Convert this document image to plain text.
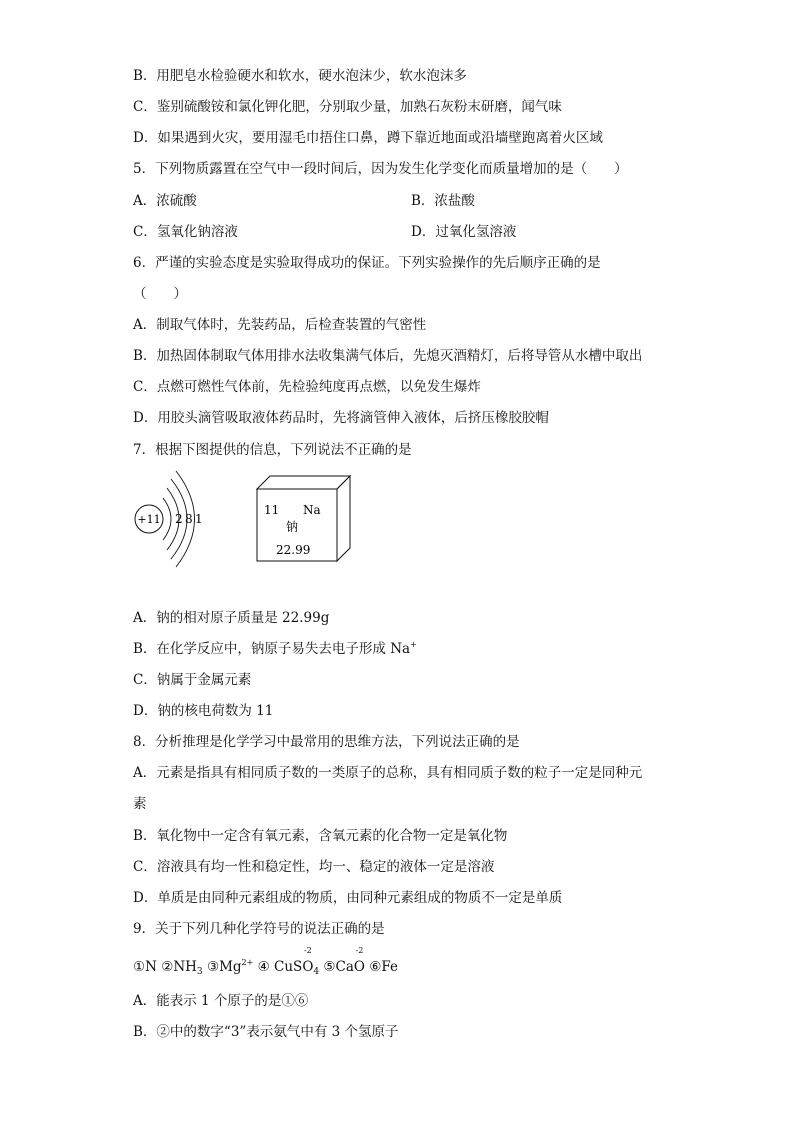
B．用肥皂水检验硬水和软水，硬水泡沫少，软水泡沫多
C．鉴别硫酸铵和氯化钾化肥，分别取少量，加熟石灰粉末研磨，闻气味
D．如果遇到火灾，要用湿毛巾捂住口鼻，蹲下靠近地面或沿墙壁跑离着火区域
5．下列物质露置在空气中一段时间后，因为发生化学变化而质量增加的是（　　）
A．浓硫酸	B．浓盐酸
C．氢氧化钠溶液	D．过氧化氢溶液
6．严谨的实验态度是实验取得成功的保证。下列实验操作的先后顺序正确的是
（　　）
A．制取气体时，先装药品，后检查装置的气密性
B．加热固体制取气体用排水法收集满气体后，先熄灭酒精灯，后将导管从水槽中取出
C．点燃可燃性气体前，先检验纯度再点燃，以免发生爆炸
D．用胶头滴管吸取液体药品时，先将滴管伸入液体，后挤压橡胶胶帽
7．根据下图提供的信息，下列说法不正确的是
+11 2 8 1
11 Na
钠
22.99
A．钠的相对原子质量是 22.99g
B．在化学反应中，钠原子易失去电子形成 Na+
C．钠属于金属元素
D．钠的核电荷数为 11
8．分析推理是化学学习中最常用的思维方法，下列说法正确的是
A．元素是指具有相同质子数的一类原子的总称，具有相同质子数的粒子一定是同种元
素
B．氧化物中一定含有氧元素，含氧元素的化合物一定是氧化物
C．溶液具有均一性和稳定性，均一、稳定的液体一定是溶液
D．单质是由同种元素组成的物质，由同种元素组成的物质不一定是单质
9．关于下列几种化学符号的说法正确的是
①N $②NH_3$ $③Mg^{2+}$ ④ CuS
-2
$O_4$ ⑤Ca
-2
O ⑥Fe
A．能表示 1 个原子的是①⑥
B．②中的数字“3”表示氨气中有 3 个氢原子
